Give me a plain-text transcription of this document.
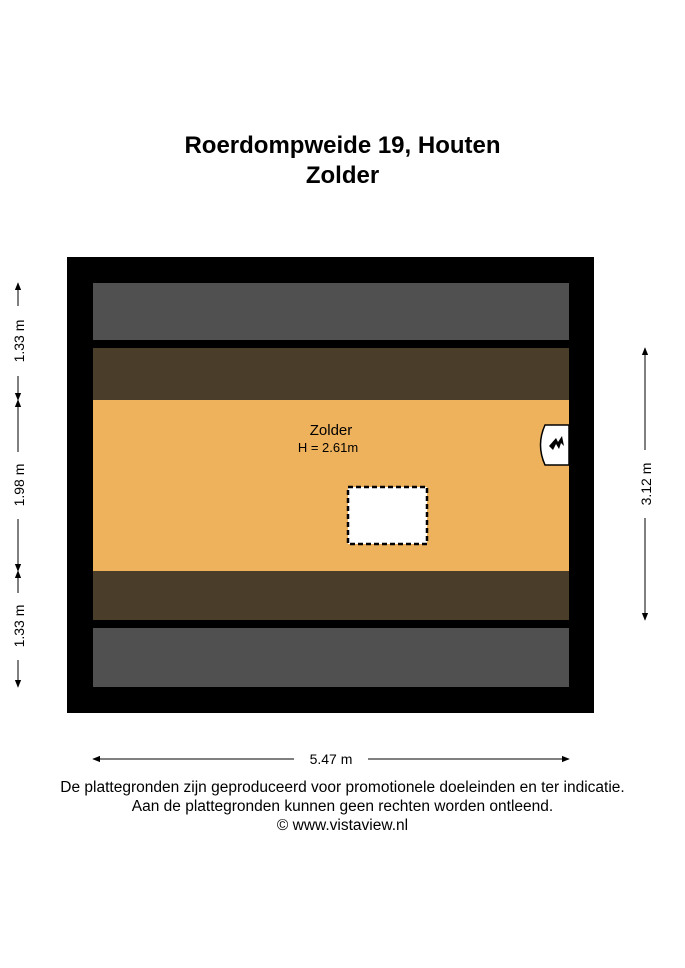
Roerdompweide 19, Houten
Zolder
Zolder
H = 2.61m
1.33 m
1.98 m
1.33 m
3.12 m
5.47 m
De plattegronden zijn geproduceerd voor promotionele doeleinden en ter indicatie.
Aan de plattegronden kunnen geen rechten worden ontleend.
© www.vistaview.nl
